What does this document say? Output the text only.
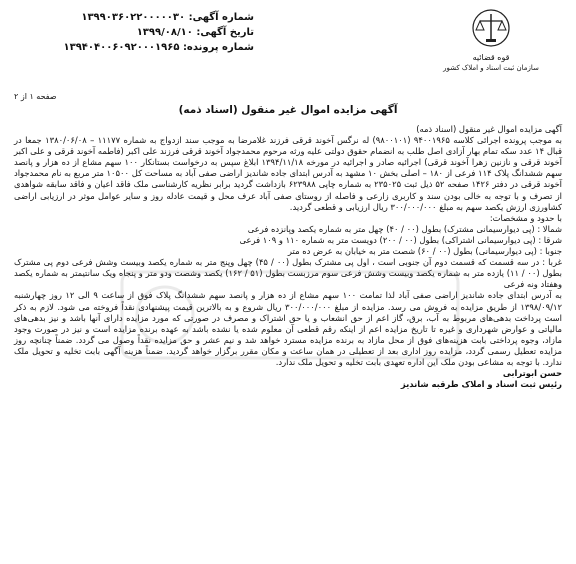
قوه قضائیه
سازمان ثبت اسناد و املاک کشور
شماره آگهی: ۱۳۹۹۰۳۶۰۲۲۰۰۰۰۰۳۰
تاریخ آگهی: ۱۳۹۹/۰۸/۱۰
شماره پرونده: ۱۳۹۴۰۴۰۰۶۰۹۲۰۰۰۱۹۶۵
صفحه ۱ از ۲
آگهی مزایده اموال غیر منقول (اسناد ذمه)

آگهی مزایده اموال غیر منقول (اسناد ذمه)

به موجب پرونده اجرائی کلاسه ۹۴۰۰۱۹۶۵ (۹۸۰۰۱۰۱) له نرگس آخوند قرقی فرزند غلامرضا به موجب سند ازدواج به شماره ۱۱۱۷۷ – ۱۳۸۰/۰۶/۰۸ جمعا در قبال ۱۴ عدد سکه تمام بهار آزادی اصل طلب به انضمام حقوق دولتی علیه ورثه مرحوم محمدجواد آخوند قرقی فرزند علی اکبر (فاطمه آخوند قرقی و علی اکبر آخوند قرقی و نازنین زهرا آخوند قرقی) اجرائیه صادر و اجرائیه در مورخه ۱۳۹۴/۱۱/۱۸ ابلاغ سپس به درخواست بستانکار ۱۰۰ سهم مشاع از ده هزار و پانصد سهم ششدانگ پلاک ۱۱۴ فرعی از ۱۸۰ – اصلی بخش ۱۰ مشهد به آدرس ابتدای جاده شاندیز اراضی صفی آباد به مساحت کل ۱۰۵۰۰ متر مربع به نام محمدجواد آخوند قرقی در دفتر ۱۴۲۶ صفحه ۵۲ ذیل ثبت ۲۳۵۰۲۵ به شماره چاپی ۶۲۳۹۸۸ بازداشت گردید برابر نظریه کارشناسی ملک فاقد اعیان و فاقد سابقه شواهدی از تصرف و با توجه به خالی بودن سند و کاربری زارعی و فاصله از روستای صفی آباد عرف محل و قیمت عادله روز و سایر عوامل موثر در ارزیابی اراضی کشاورزی ارزش یکصد سهم به مبلغ ۳۰۰/۰۰۰/۰۰۰ ریال ارزیابی و قطعی گردید.

با حدود و مشخصات:

شمالا : (پی دیوارسیمانی مشترک) بطول (۰۰ / ۴۰) چهل متر به شماره یکصد وپانزده فرعی

شرقا : (پی دیوارسیمانی اشتراکی) بطول (۰۰ / ۲۰۰) دویست متر به شماره ۱۱۰ و ۱۰۹ فرعی

جنوبا : (پی دیوارسیمانی) بطول (۰۰ / ۶۰) شصت متر به خیابان به عرض ده متر

غربا : در سه قسمت که قسمت دوم آن جنوبی است ، اول پی مشترک بطول (۰۰ / ۴۵) چهل وپنج متر به شماره یکصد وبیست وشش فرعی دوم پی مشترک بطول (۰۰ / ۱۱) یازده متر به شماره یکصد وبیست وشش فرعی سوم مرزبست بطول (۵۱ / ۱۶۲) یکصد وشصت ودو متر و پنجاه ویک سانتیمتر به شماره یکصد وهفتاد ونه فرعی

به آدرس ابتدای جاده شاندیز اراضی صفی آباد لذا تمامت ۱۰۰ سهم مشاع از ده هزار و پانصد سهم ششدانگ پلاک فوق از ساعت ۹ الی ۱۲ روز چهارشنبه ۱۳۹۸/۰۹/۱۲ از طریق مزایده به فروش می رسد. مزایده از مبلغ ۳۰۰/۰۰۰/۰۰۰ ریال شروع و به بالاترین قیمت پیشنهادی نقداً فروخته می شود. لازم به ذکر است پرداخت بدهی‌های مربوط به آب، برق، گاز اعم از حق انشعاب و یا حق اشتراک و مصرف در صورتی که مورد مزایده دارای آنها باشد و نیز بدهی‌های مالیاتی و عوارض شهرداری و غیره تا تاریخ مزایده اعم از اینکه رقم قطعی آن معلوم شده یا نشده باشد به عهده برنده مزایده است و نیز در صورت وجود مازاد، وجوه پرداختی بابت هزینه‌های فوق از محل مازاد به برنده مزایده مسترد خواهد شد و نیم عشر و حق مزایده نقداً وصول می گردد. ضمناً چنانچه روز مزایده تعطیل رسمی گردد، مزایده روز اداری بعد از تعطیلی در همان ساعت و مکان مقرر برگزار خواهد گردید. ضمناً هزینه آگهی بابت تخلیه و تحویل ملک ندارد. با توجه به مشاعی بودن ملک این اداره تعهدی بابت تخلیه و تحویل ملک ندارد.

حسن ابوترابی

رئیس ثبت اسناد و املاک طرقبه شاندیز
